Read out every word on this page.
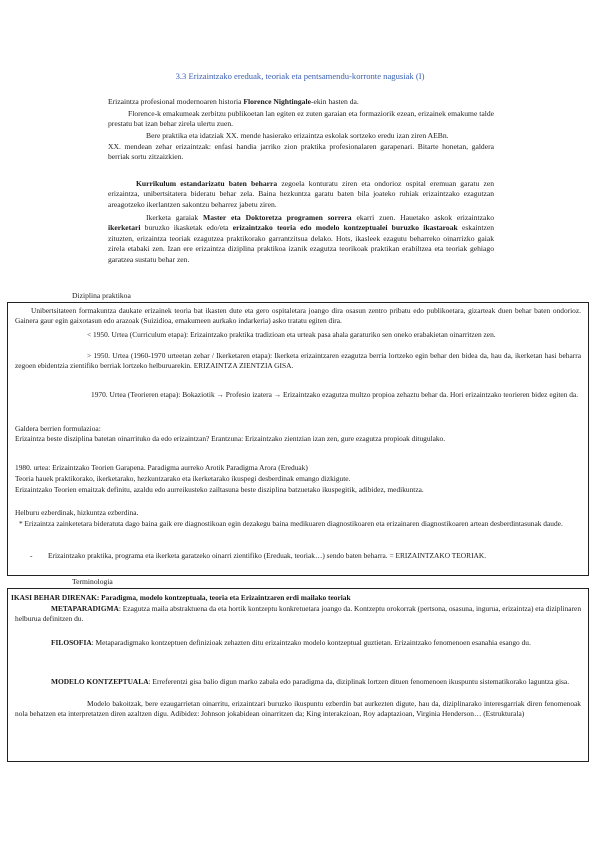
3.3 Erizaintzako ereduak, teoriak eta pentsamendu-korronte nagusiak (I)
Erizaintza profesional modernoaren historia Florence Nightingale-ekin hasten da.
Florence-k emakumeak zerbitzu publikoetan lan egiten ez zuten garaian eta formaziorik ezean, erizainek emakume talde prestatu bat izan behar zirela ulertu zuen.
Bere praktika eta idatziak XX. mende hasierako erizaintza eskolak sortzeko eredu izan ziren AEBn.
XX. mendean zehar erizaintzak: enfasi handia jarriko zion praktika profesionalaren garapenari. Bitarte honetan, galdera berriak sortu zitzaizkien.
Kurrikulum estandarizatu baten beharra zegoela konturatu ziren eta ondorioz ospital eremuan garatu zen erizaintza, unibertsitatera bideratu behar zela. Baina hezkuntza garatu baten bila joateko ruhiak erizaintzako ezagutzan areagotzeko ikerlantzen sakontzu beharrez jabetu ziren.
Ikerketa garaiak Master eta Doktoretza programen sorrera ekarri zuen. Hauetako askok erizaintzako ikerketari buruzko ikasketak edo/eta erizaintzako teoria edo modelo kontzeptualei buruzko ikastaroak eskaintzen zituzten, erizaintza teoriak ezagutzea praktikorako garrantzitsua delako. Hots, ikasleek ezagutu beharreko oinarrizko gaiak zirela etabaki zen. Izan ere erizaintza diziplina praktikoa izanik ezagutza teorikoak praktikan erabiltzea eta teoriak gehiago garatzea sustatu behar zen.
Diziplina praktikoa
Unibertsitateen formakuntza daukate erizainek teoria bat ikasten dute eta gero ospitaletara joango dira osasun zentro pribatu edo publikoetara, gizarteak duen behar baten ondorioz. Gainera gaur egin gaixotasun edo arazoak (Suizidioa, emakumeen aurkako indarkeria) asko tratatu egiten dira.
< 1950. Urtea (Curriculum etapa): Erizaintzako praktika tradizioan eta urteak pasa ahala garaturiko sen oneko erabakietan oinarritzen zen.
> 1950. Urtea (1960-1970 urteetan zehar / Ikerketaren etapa): Ikerketa erizaintzaren ezagutza berria lortzeko egin behar den bidea da, hau da, ikerketan hasi beharra zegoen ebidentzia zientifiko berriak lortzeko helburuarekin. ERIZAINTZA ZIENTZIA GISA.
1970. Urtea (Teorieren etapa): Bokaziotik → Profesio izatera → Erizaintzako ezagutza multzo propioa zehaztu behar da. Hori erizaintzako teorieren bidez egiten da.
Galdera berrien formulazioa:
Erizaintza beste disziplina batetan oinarrituko da edo erizaintzan? Erantzuna: Erizaintzako zientzian izan zen, gure ezagutza propioak ditugulako.
1980. urtea: Erizaintzako Teorien Garapena. Paradigma aurreko Arotik Paradigma Arora (Ereduak)
Teoria hauek praktikorako, ikerketarako, hezkuntzarako eta ikerketarako ikuspegi desberdinak emango dizkigute.
Erizaintzako Teorien emaitzak definitu, azaldu edo aurreikusteko zailtasuna beste disziplina batzuetako ikuspegitik, adibidez, medikuntza.
Helburu ezberdinak, hizkuntza ezberdina.
* Erizaintza zainketetara bideratuta dago baina gaik ere diagnostikoan egin dezakegu baina medikuaren diagnostikoaren eta erizainaren diagnostikoaren artean desberdintasunak daude.
-	Erizaintzako praktika, programa eta ikerketa garatzeko oinarri zientifiko (Ereduak, teoriak…) sendo baten beharra. = ERIZAINTZAKO TEORIAK.
Terminologia
IKASI BEHAR DIRENAK: Paradigma, modelo kontzeptuala, teoria eta Erizaintzaren erdi mailako teoriak
METAPARADIGMA: Ezagutza maila abstraktuena da eta hortik kontzeptu konkretuetara joango da. Kontzeptu orokorrak (pertsona, osasuna, ingurua, erizaintza) eta diziplinaren helburua definitzen du.
FILOSOFIA: Metaparadigmako kontzeptuen definizioak zehazten ditu erizaintzako modelo kontzeptual guztietan. Erizaintzako fenomenoen esanahia esango du.
MODELO KONTZEPTUALA: Erreferentzi gisa balio digun marko zabala edo paradigma da, diziplinak lortzen dituen fenomenoen ikuspuntu sistematikorako laguntza gisa.
Modelo bakoitzak, bere ezaugarrietan oinarritu, erizaintzari buruzko ikuspuntu ezberdin bat aurkezten digute, hau da, diziplinarako interesgarriak diren fenomenoak nola behatzen eta interpretatzen diren azaltzen digu. Adibidez: Johnson jokabidean oinarritzen da; King interakzioan, Roy adaptazioan, Virginia Henderson… (Estrukturala)
